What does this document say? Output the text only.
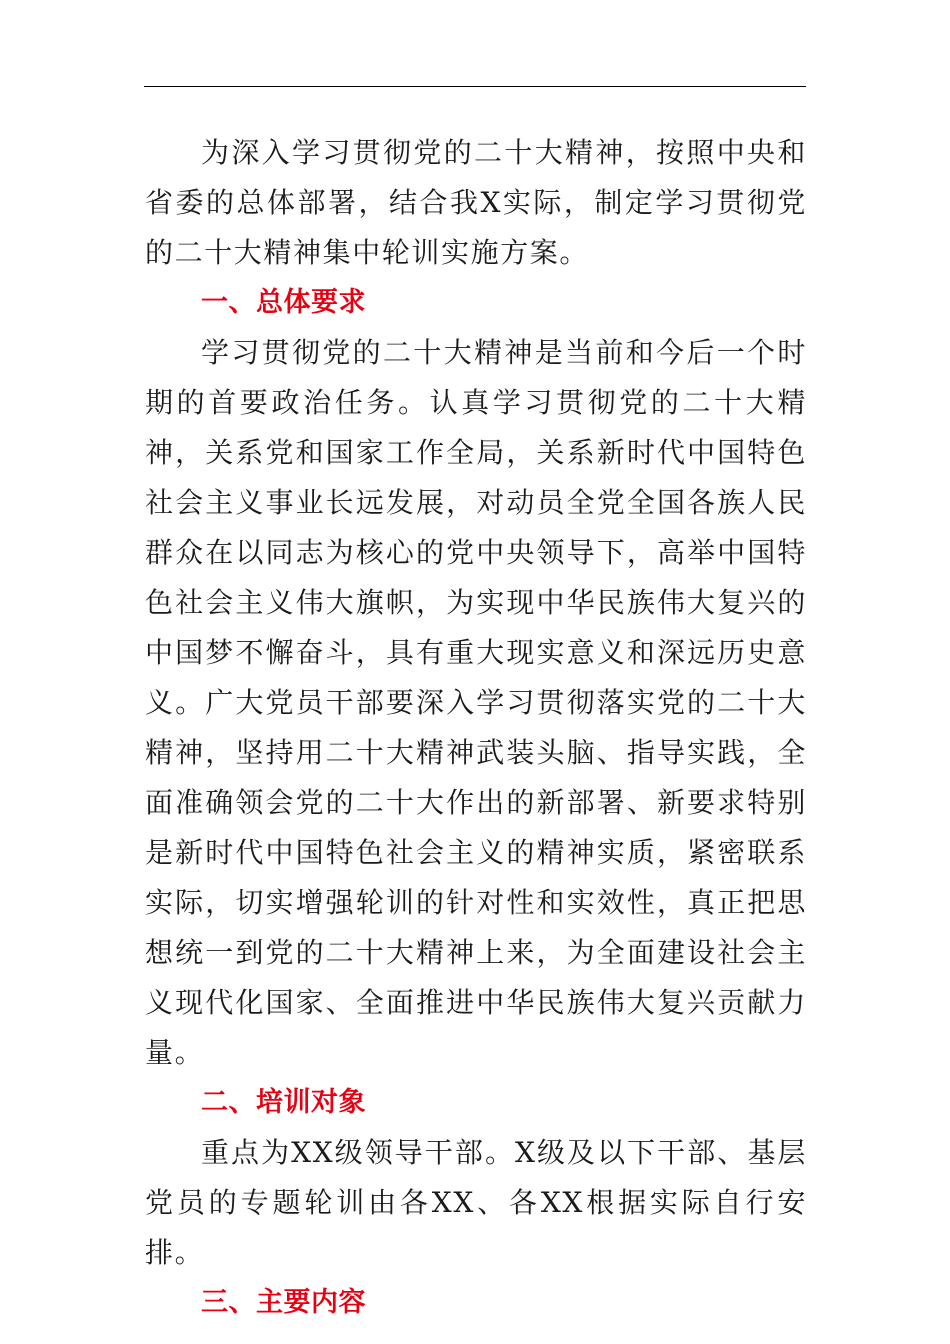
为深入学习贯彻党的二十大精神，按照中央和省委的总体部署，结合我X实际，制定学习贯彻党的二十大精神集中轮训实施方案。

一、总体要求

学习贯彻党的二十大精神是当前和今后一个时期的首要政治任务。认真学习贯彻党的二十大精神，关系党和国家工作全局，关系新时代中国特色社会主义事业长远发展，对动员全党全国各族人民群众在以同志为核心的党中央领导下，高举中国特色社会主义伟大旗帜，为实现中华民族伟大复兴的中国梦不懈奋斗，具有重大现实意义和深远历史意义。广大党员干部要深入学习贯彻落实党的二十大精神，坚持用二十大精神武装头脑、指导实践，全面准确领会党的二十大作出的新部署、新要求特别是新时代中国特色社会主义的精神实质，紧密联系实际，切实增强轮训的针对性和实效性，真正把思想统一到党的二十大精神上来，为全面建设社会主义现代化国家、全面推进中华民族伟大复兴贡献力量。

二、培训对象

重点为XX级领导干部。X级及以下干部、基层党员的专题轮训由各XX、各XX根据实际自行安排。

三、主要内容
